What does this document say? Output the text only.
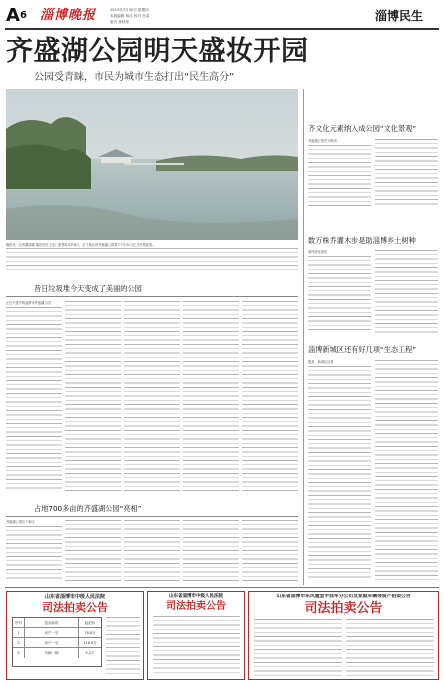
A 6 淄博晚报	2015年7月30日 星期四
本版编辑 杨洋 校对 岳清
版式 张秋萍	淄博民生
齐盛湖公园明天盛妆开园
公园受青睐，市民为城市生态打出“民生高分”
晚报讯（记者董丽娜 通讯员杜士龙）夏季周末约8日，位于新区的齐盛湖公园将于7月31日正式开园迎客。
昔日垃圾堆今天变成了美丽的公园
正在兴建中的淄博市齐盛湖公园
占地700多亩的齐盛湖公园“亮相”
齐盛湖公园位于新区
齐文化元素纳入成公园“文化景观”
齐盛湖公园充分利用
数万株乔灌木步是助淄博乡土树种
园内绿化建设
淄博新城区还有好几项“生态工程”
据悉，新城区还将
山东省淄博市中级人民法院
司法拍卖公告
序号	拍卖标的	起拍价
1	房产一宗	76.8万
2	房产一宗	118.6万
3	车辆一辆	5.2万
山东省淄博市中级人民法院
司法拍卖公告
山东省淄博市东风重型半挂车分公司及家庭车辆等资产拍卖公告
司法拍卖公告
